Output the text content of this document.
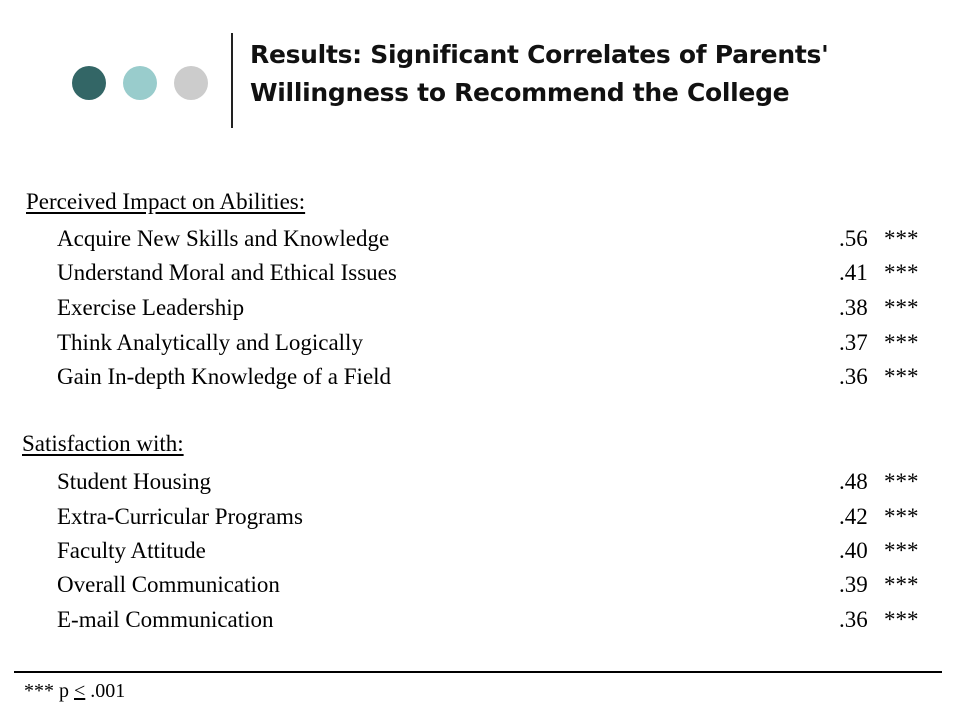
Results: Significant Correlates of Parents'
Willingness to Recommend the College
Perceived Impact on Abilities:
Acquire New Skills and Knowledge	.56 ***
Understand Moral and Ethical Issues	.41 ***
Exercise Leadership	.38 ***
Think Analytically and Logically	.37 ***
Gain In-depth Knowledge of a Field	.36 ***
Satisfaction with:
Student Housing	.48 ***
Extra-Curricular Programs	.42 ***
Faculty Attitude	.40 ***
Overall Communication	.39 ***
E-mail Communication	.36 ***
*** p < .001
